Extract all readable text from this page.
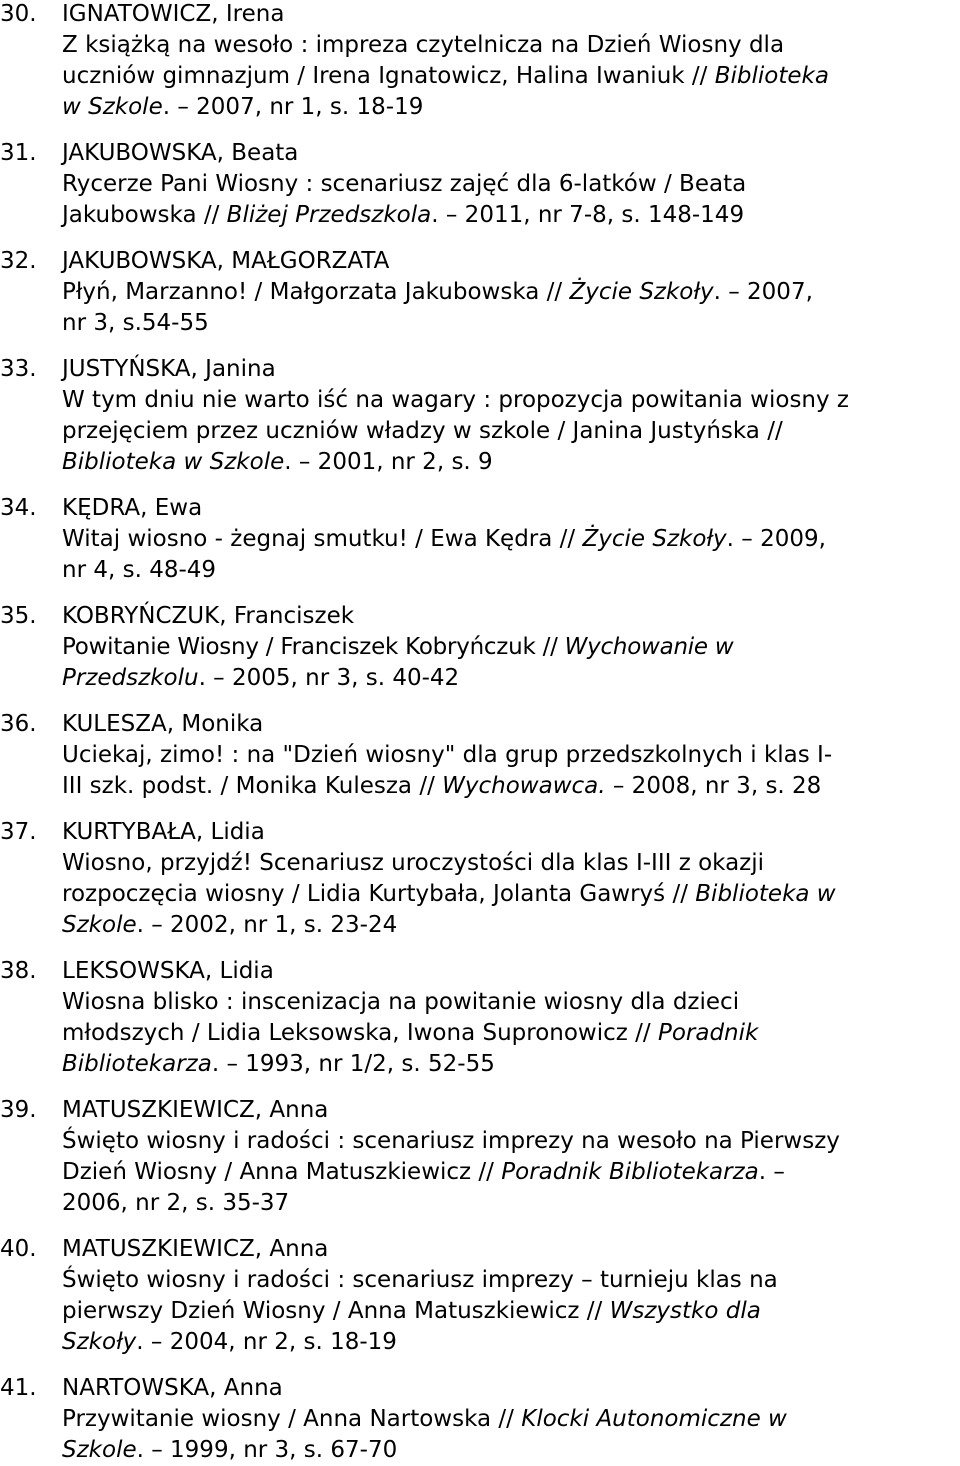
30. IGNATOWICZ, Irena
Z książką na wesoło : impreza czytelnicza na Dzień Wiosny dla
uczniów gimnazjum / Irena Ignatowicz, Halina Iwaniuk // Biblioteka
w Szkole. – 2007, nr 1, s. 18-19
31. JAKUBOWSKA, Beata
Rycerze Pani Wiosny : scenariusz zajęć dla 6-latków / Beata
Jakubowska // Bliżej Przedszkola. – 2011, nr 7-8, s. 148-149
32. JAKUBOWSKA, MAŁGORZATA
Płyń, Marzanno! / Małgorzata Jakubowska // Życie Szkoły. – 2007,
nr 3, s.54-55
33. JUSTYŃSKA, Janina
W tym dniu nie warto iść na wagary : propozycja powitania wiosny z
przejęciem przez uczniów władzy w szkole / Janina Justyńska //
Biblioteka w Szkole. – 2001, nr 2, s. 9
34. KĘDRA, Ewa
Witaj wiosno - żegnaj smutku! / Ewa Kędra // Życie Szkoły. – 2009,
nr 4, s. 48-49
35. KOBRYŃCZUK, Franciszek
Powitanie Wiosny / Franciszek Kobryńczuk // Wychowanie w
Przedszkolu. – 2005, nr 3, s. 40-42
36. KULESZA, Monika
Uciekaj, zimo! : na "Dzień wiosny" dla grup przedszkolnych i klas I-
III szk. podst. / Monika Kulesza // Wychowawca. – 2008, nr 3, s. 28
37. KURTYBAŁA, Lidia
Wiosno, przyjdź! Scenariusz uroczystości dla klas I-III z okazji
rozpoczęcia wiosny / Lidia Kurtybała, Jolanta Gawryś // Biblioteka w
Szkole. – 2002, nr 1, s. 23-24
38. LEKSOWSKA, Lidia
Wiosna blisko : inscenizacja na powitanie wiosny dla dzieci
młodszych / Lidia Leksowska, Iwona Supronowicz // Poradnik
Bibliotekarza. – 1993, nr 1/2, s. 52-55
39. MATUSZKIEWICZ, Anna
Święto wiosny i radości : scenariusz imprezy na wesoło na Pierwszy
Dzień Wiosny / Anna Matuszkiewicz // Poradnik Bibliotekarza. –
2006, nr 2, s. 35-37
40. MATUSZKIEWICZ, Anna
Święto wiosny i radości : scenariusz imprezy – turnieju klas na
pierwszy Dzień Wiosny / Anna Matuszkiewicz // Wszystko dla
Szkoły. – 2004, nr 2, s. 18-19
41. NARTOWSKA, Anna
Przywitanie wiosny / Anna Nartowska // Klocki Autonomiczne w
Szkole. – 1999, nr 3, s. 67-70
